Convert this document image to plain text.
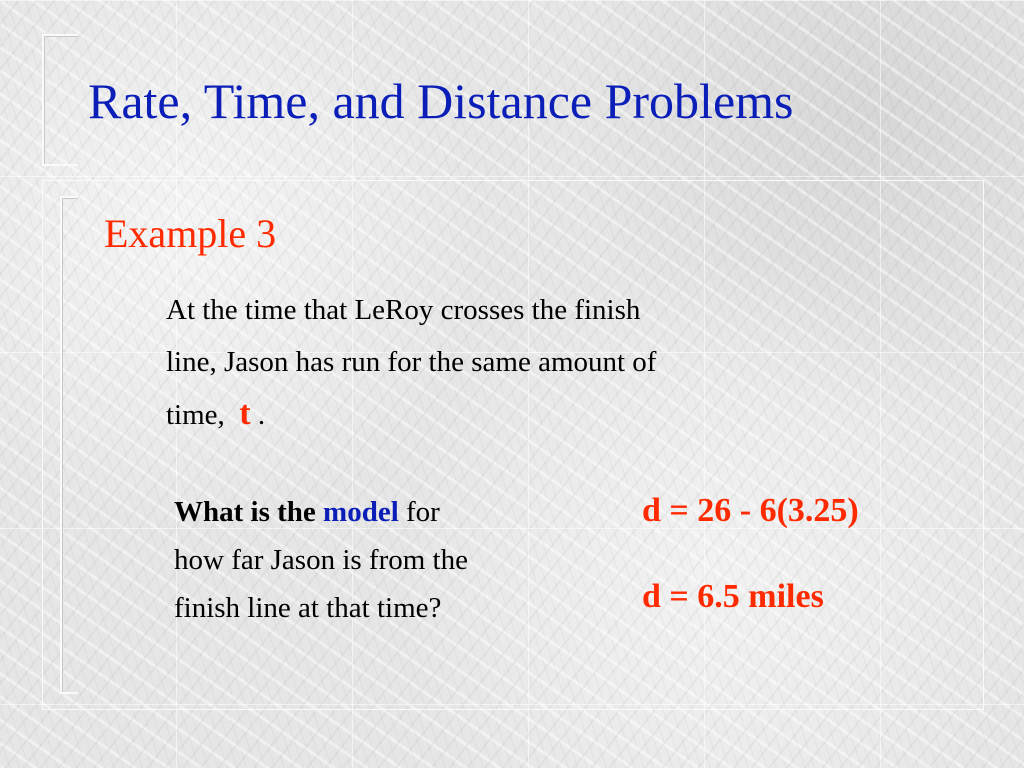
Rate, Time, and Distance Problems
Example 3

At the time that LeRoy crosses the finish
line, Jason has run for the same amount of
time, t .

What is the model for
how far Jason is from the
finish line at that time?

d = 26 - 6(3.25)

d = 6.5 miles
